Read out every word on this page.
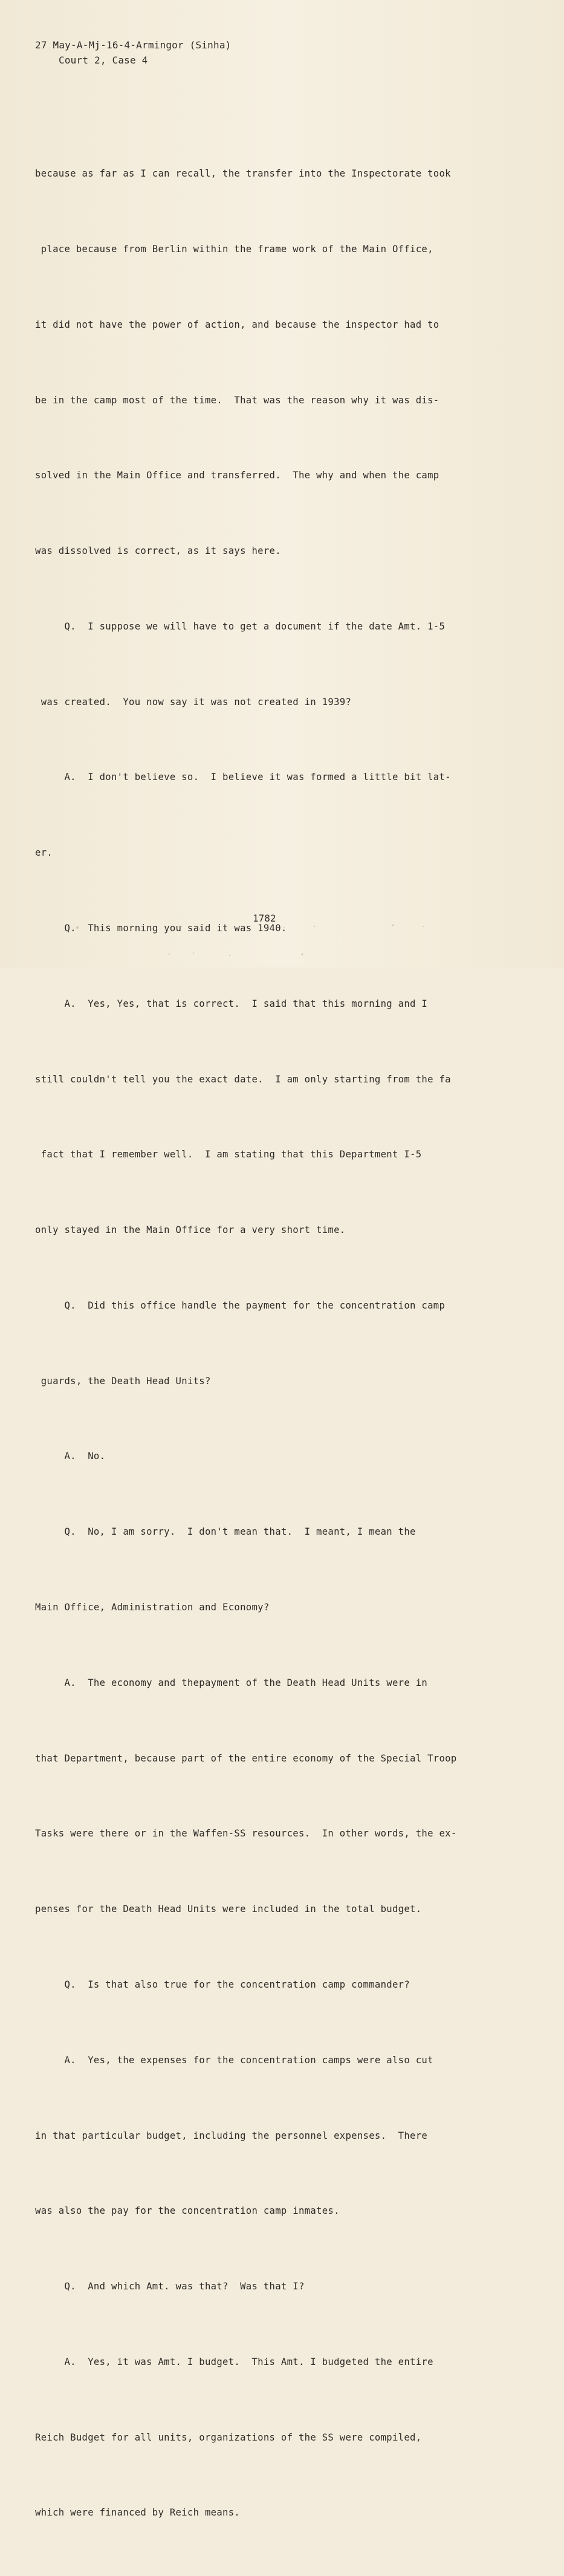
27 May-A-Mj-16-4-Armingor (Sinha)
Court 2, Case 4

because as far as I can recall, the transfer into the Inspectorate took

place because from Berlin within the frame work of the Main Office,

it did not have the power of action, and because the inspector had to

be in the camp most of the time.  That was the reason why it was dis-

solved in the Main Office and transferred.  The why and when the camp

was dissolved is correct, as it says here.

Q.  I suppose we will have to get a document if the date Amt. 1-5

was created.  You now say it was not created in 1939?

A.  I don't believe so.  I believe it was formed a little bit lat-

er.

Q.  This morning you said it was 1940.

A.  Yes, Yes, that is correct.  I said that this morning and I

still couldn't tell you the exact date.  I am only starting from the fa

fact that I remember well.  I am stating that this Department I-5

only stayed in the Main Office for a very short time.

Q.  Did this office handle the payment for the concentration camp

guards, the Death Head Units?

A.  No.

Q.  No, I am sorry.  I don't mean that.  I meant, I mean the

Main Office, Administration and Economy?

A.  The economy and thepayment of the Death Head Units were in

that Department, because part of the entire economy of the Special Troop

Tasks were there or in the Waffen-SS resources.  In other words, the ex-

penses for the Death Head Units were included in the total budget.

Q.  Is that also true for the concentration camp commander?

A.  Yes, the expenses for the concentration camps were also cut

in that particular budget, including the personnel expenses.  There

was also the pay for the concentration camp inmates.

Q.  And which Amt. was that?  Was that I?

A.  Yes, it was Amt. I budget.  This Amt. I budgeted the entire

Reich Budget for all units, organizations of the SS were compiled,

which were financed by Reich means.

1782
